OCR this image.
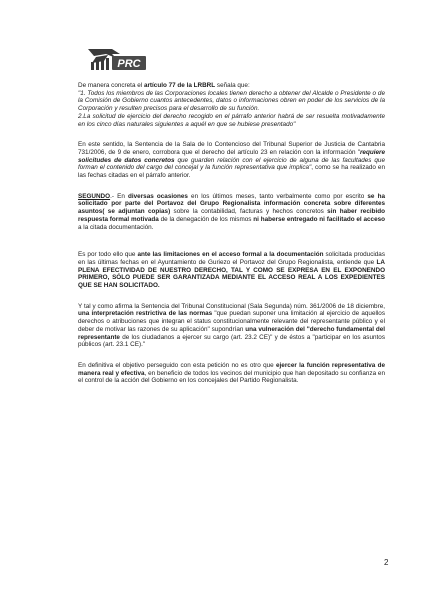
PRC

De manera concreta el artículo 77 de la LRBRL señala que:

"1. Todos los miembros de las Corporaciones locales tienen derecho a obtener del Alcalde o Presidente o de la Comisión de Gobierno cuantos antecedentes, datos o informaciones obren en poder de los servicios de la Corporación y resulten precisos para el desarrollo de su función.
2.La solicitud de ejercicio del derecho recogido en el párrafo anterior habrá de ser resuelta motivadamente en los cinco días naturales siguientes a aquél en que se hubiese presentado"

En este sentido, la Sentencia de la Sala de lo Contencioso del Tribunal Superior de Justicia de Cantabria 731/2006, de 9 de enero, corrobora que el derecho del artículo 23 en relación con la información "requiere solicitudes de datos concretos que guarden relación con el ejercicio de alguna de las facultades que forman el contenido del cargo del concejal y la función representativa que implica", como se ha realizado en las fechas citadas en el párrafo anterior.

SEGUNDO.- En diversas ocasiones en los últimos meses, tanto verbalmente como por escrito se ha solicitado por parte del Portavoz del Grupo Regionalista información concreta sobre diferentes asuntos( se adjuntan copias) sobre la contabilidad, facturas y hechos concretos sin haber recibido respuesta formal motivada de la denegación de los mismos ni haberse entregado ni facilitado el acceso a la citada documentación.

Es por todo ello que ante las limitaciones en el acceso formal a la documentación solicitada producidas en las últimas fechas en el Ayuntamiento de Guriezo el Portavoz del Grupo Regionalista, entiende que LA PLENA EFECTIVIDAD DE NUESTRO DERECHO, TAL Y COMO SE EXPRESA EN EL EXPONENDO PRIMERO, SÓLO PUEDE SER GARANTIZADA MEDIANTE EL ACCESO REAL A LOS EXPEDIENTES QUE SE HAN SOLICITADO.

Y tal y como afirma la Sentencia del Tribunal Constitucional (Sala Segunda) núm. 361/2006 de 18 diciembre, una interpretación restrictiva de las normas "que puedan suponer una limitación al ejercicio de aquellos derechos o atribuciones que integran el status constitucionalmente relevante del representante público y el deber de motivar las razones de su aplicación" supondrían una vulneración del "derecho fundamental del representante de los ciudadanos a ejercer su cargo (art. 23.2 CE)" y de éstos a "participar en los asuntos públicos (art. 23.1 CE)."

En definitiva el objetivo perseguido con esta petición no es otro que ejercer la función representativa de manera real y efectiva, en beneficio de todos los vecinos del municipio que han depositado su confianza en el control de la acción del Gobierno en los concejales del Partido Regionalista.

2
